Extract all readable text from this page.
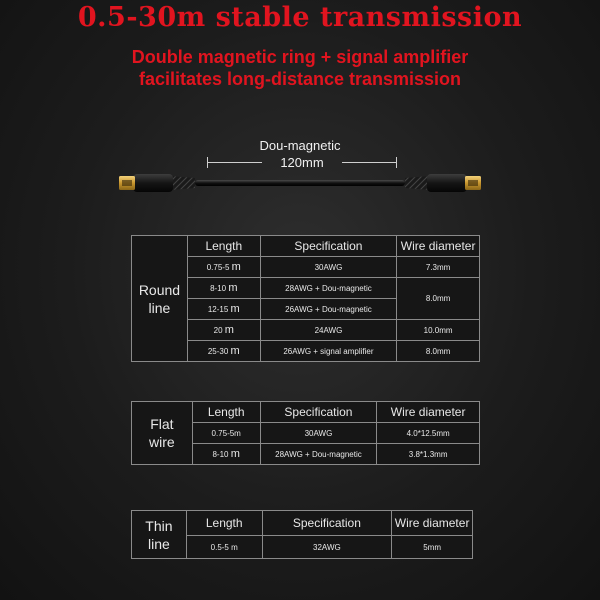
0.5-30m stable transmission
Double magnetic ring + signal amplifier
facilitates long-distance transmission
Dou-magnetic
120mm
Round
line	Length	Specification	Wire diameter
	0.75-5 m	30AWG	7.3mm
	8-10 m	28AWG + Dou-magnetic	8.0mm
	12-15 m	26AWG + Dou-magnetic	
	20 m	24AWG	10.0mm
	25-30 m	26AWG + signal amplifier	8.0mm
Flat
wire	Length	Specification	Wire diameter
	0.75-5m	30AWG	4.0*12.5mm
	8-10 m	28AWG + Dou-magnetic	3.8*1.3mm
Thin
line	Length	Specification	Wire diameter
	0.5-5 m	32AWG	5mm
